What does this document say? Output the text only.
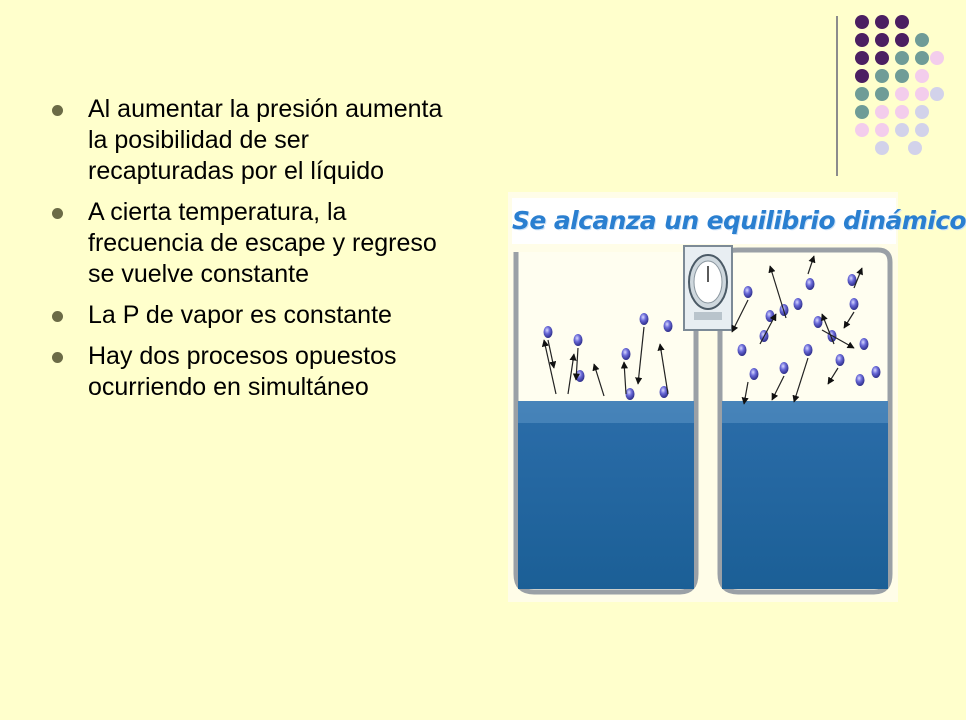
Al aumentar la presión aumenta la posibilidad de ser recapturadas por el líquido
A cierta temperatura, la frecuencia de escape y regreso se vuelve constante
La P de vapor es constante
Hay dos procesos opuestos ocurriendo en simultáneo
Se alcanza un equilibrio dinámico
